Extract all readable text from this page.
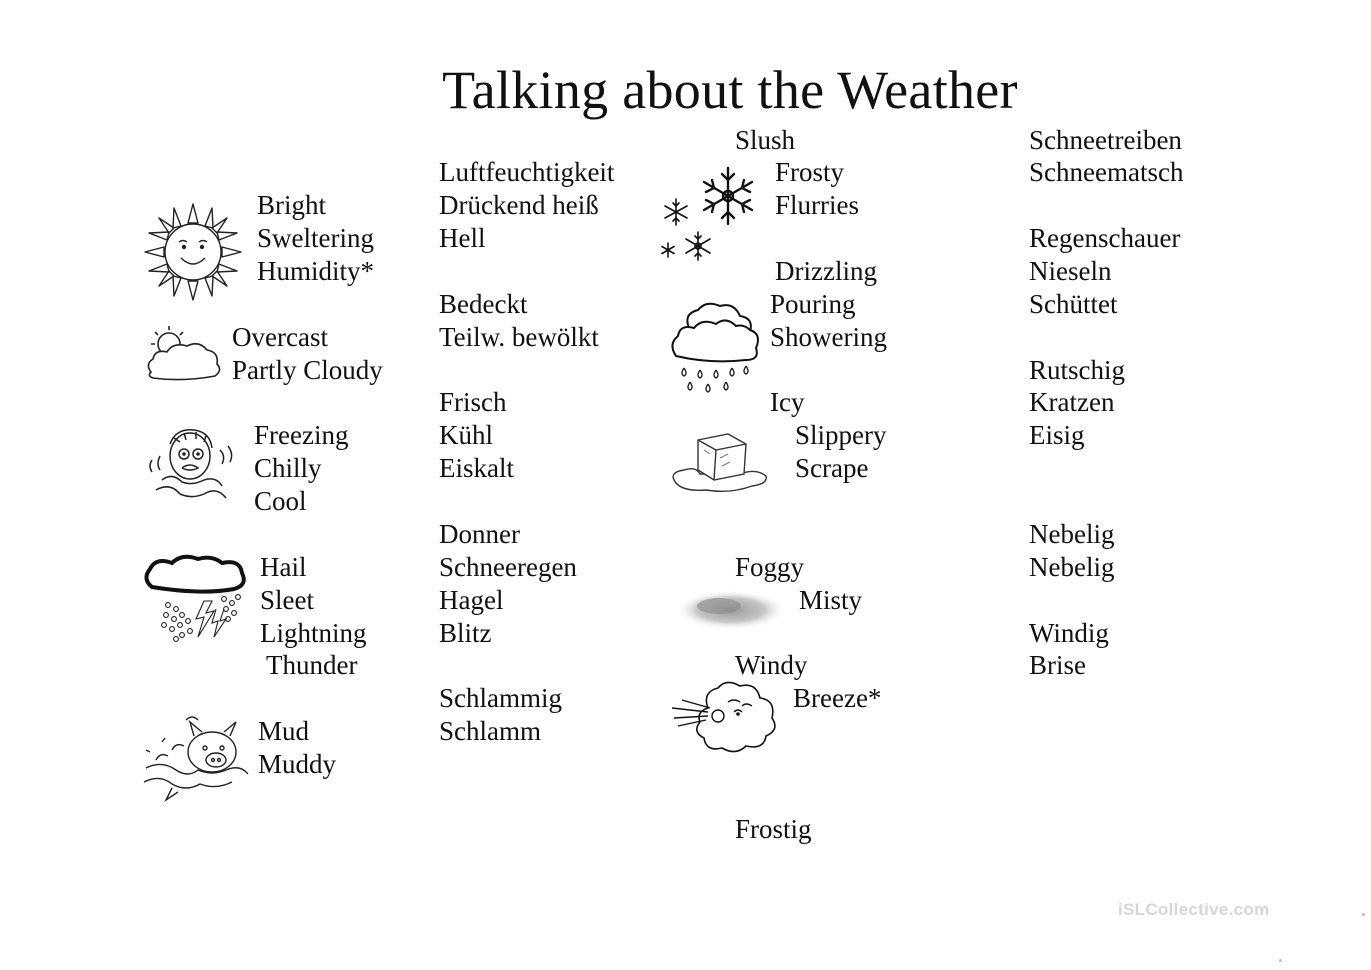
Talking about the Weather
Bright
Sweltering
Humidity*
Overcast
Partly Cloudy
Freezing
Chilly
Cool
Hail
Sleet
Lightning
Thunder
Mud
Muddy
Luftfeuchtigkeit
Drückend heiß
Hell
Bedeckt
Teilw. bewölkt
Frisch
Kühl
Eiskalt
Donner
Schneeregen
Hagel
Blitz
Schlammig
Schlamm
Slush
Frosty
Flurries
Drizzling
Pouring
Showering
Icy
Slippery
Scrape
Foggy
Misty
Windy
Breeze*
Frostig
Schneetreiben
Schneematsch
Regenschauer
Nieseln
Schüttet
Rutschig
Kratzen
Eisig
Nebelig
Nebelig
Windig
Brise
iSLCollective.com
